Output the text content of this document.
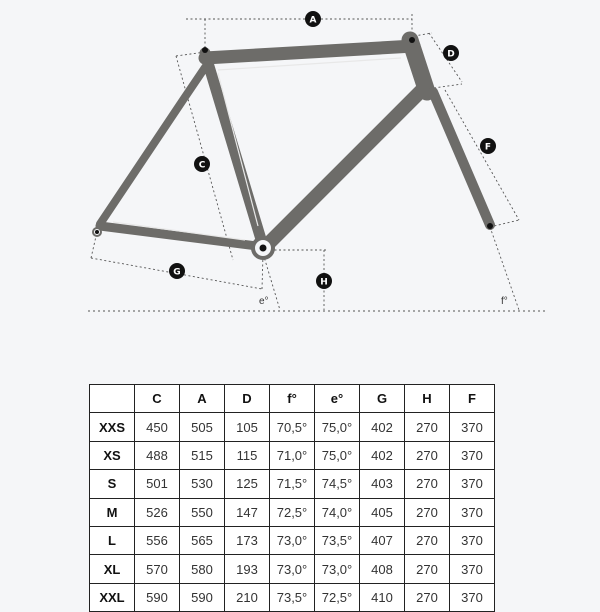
A
D
C
F
G
H
e°	f°
	C	A	D	f°	e°	G	H	F
XXS	450	505	105	70,5°	75,0°	402	270	370
XS	488	515	115	71,0°	75,0°	402	270	370
S	501	530	125	71,5°	74,5°	403	270	370
M	526	550	147	72,5°	74,0°	405	270	370
L	556	565	173	73,0°	73,5°	407	270	370
XL	570	580	193	73,0°	73,0°	408	270	370
XXL	590	590	210	73,5°	72,5°	410	270	370
